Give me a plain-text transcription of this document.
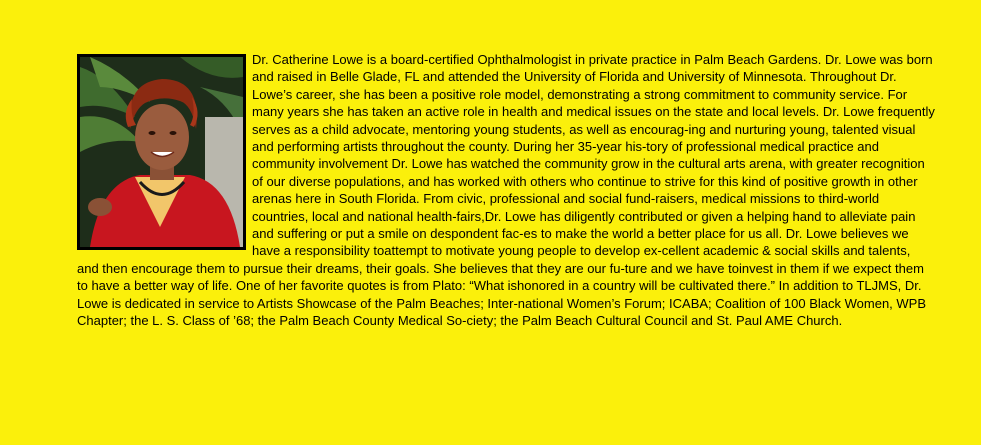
Dr. Catherine Lowe is a board-certified Ophthalmologist in private practice in Palm Beach Gardens. Dr. Lowe was born and raised in Belle Glade, FL and attended the University of Florida and University of Minnesota. Throughout Dr. Lowe’s career, she has been a positive role model, demonstrating a strong commitment to community service. For many years she has taken an active role in health and medical issues on the state and local levels. Dr. Lowe frequently serves as a child advocate, mentoring young students, as well as encourag-ing and nurturing young, talented visual and performing artists throughout the county. During her 35-year his-tory of professional medical practice and community involvement Dr. Lowe has watched the community grow in the cultural arts arena, with greater recognition of our diverse populations, and has worked with others who continue to strive for this kind of positive growth in other arenas here in South Florida. From civic, professional and social fund-raisers, medical missions to third-world countries, local and national health-fairs,Dr. Lowe has diligently contributed or given a helping hand to alleviate pain and suffering or put a smile on despondent fac-es to make the world a better place for us all. Dr. Lowe believes we have a responsibility toattempt to motivate young people to develop ex-cellent academic & social skills and talents, and then encourage them to pursue their dreams, their goals. She believes that they are our fu-ture and we have toinvest in them if we expect them to have a better way of life. One of her favorite quotes is from Plato: “What ishonored in a country will be cultivated there.” In addition to TLJMS, Dr. Lowe is dedicated in service to Artists Showcase of the Palm Beaches; Inter-national Women’s Forum; ICABA; Coalition of 100 Black Women, WPB Chapter; the L. S. Class of ’68; the Palm Beach County Medical So-ciety; the Palm Beach Cultural Council and St. Paul AME Church.
